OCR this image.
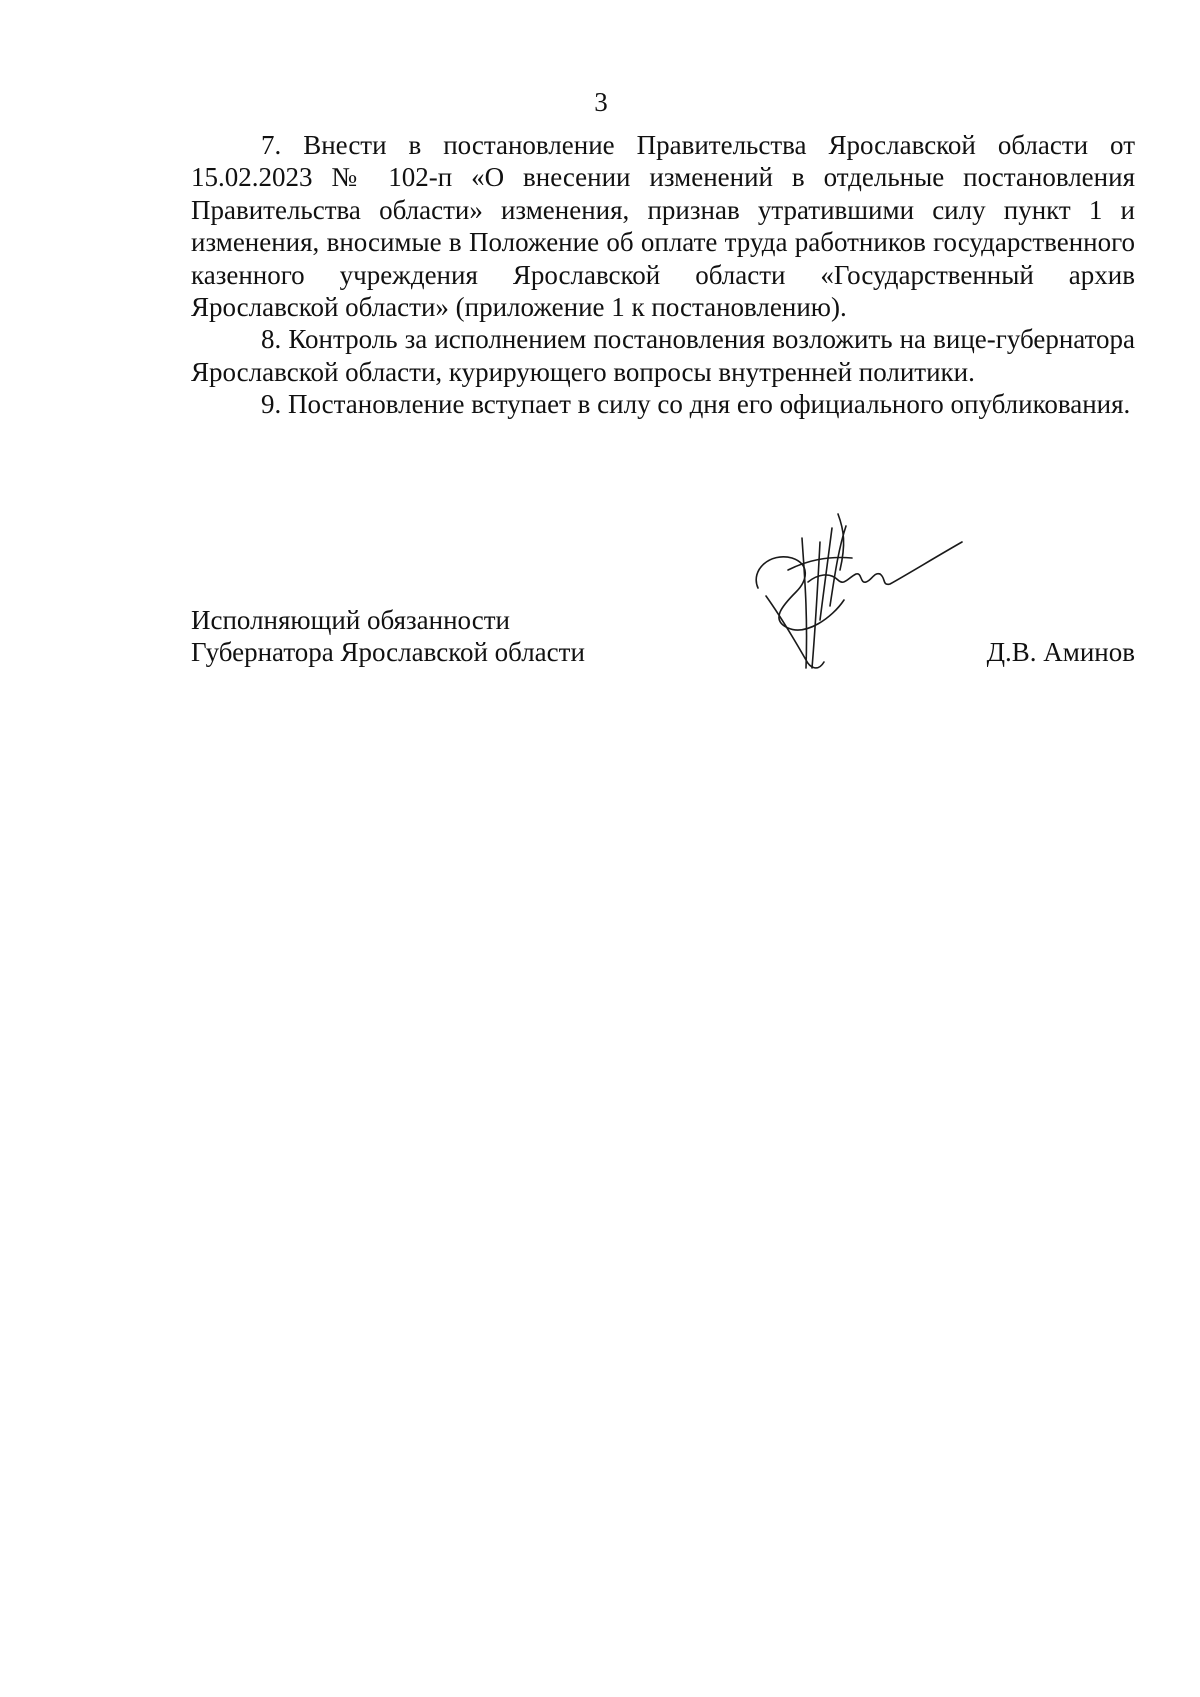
3

7. Внести в постановление Правительства Ярославской области от 15.02.2023 № 102-п «О внесении изменений в отдельные постановления Правительства области» изменения, признав утратившими силу пункт 1 и изменения, вносимые в Положение об оплате труда работников государственного казенного учреждения Ярославской области «Государственный архив Ярославской области» (приложение 1 к постановлению).

8. Контроль за исполнением постановления возложить на вице-губернатора Ярославской области, курирующего вопросы внутренней политики.

9. Постановление вступает в силу со дня его официального опубликования.

Исполняющий обязанности
Губернатора Ярославской области	Д.В. Аминов
